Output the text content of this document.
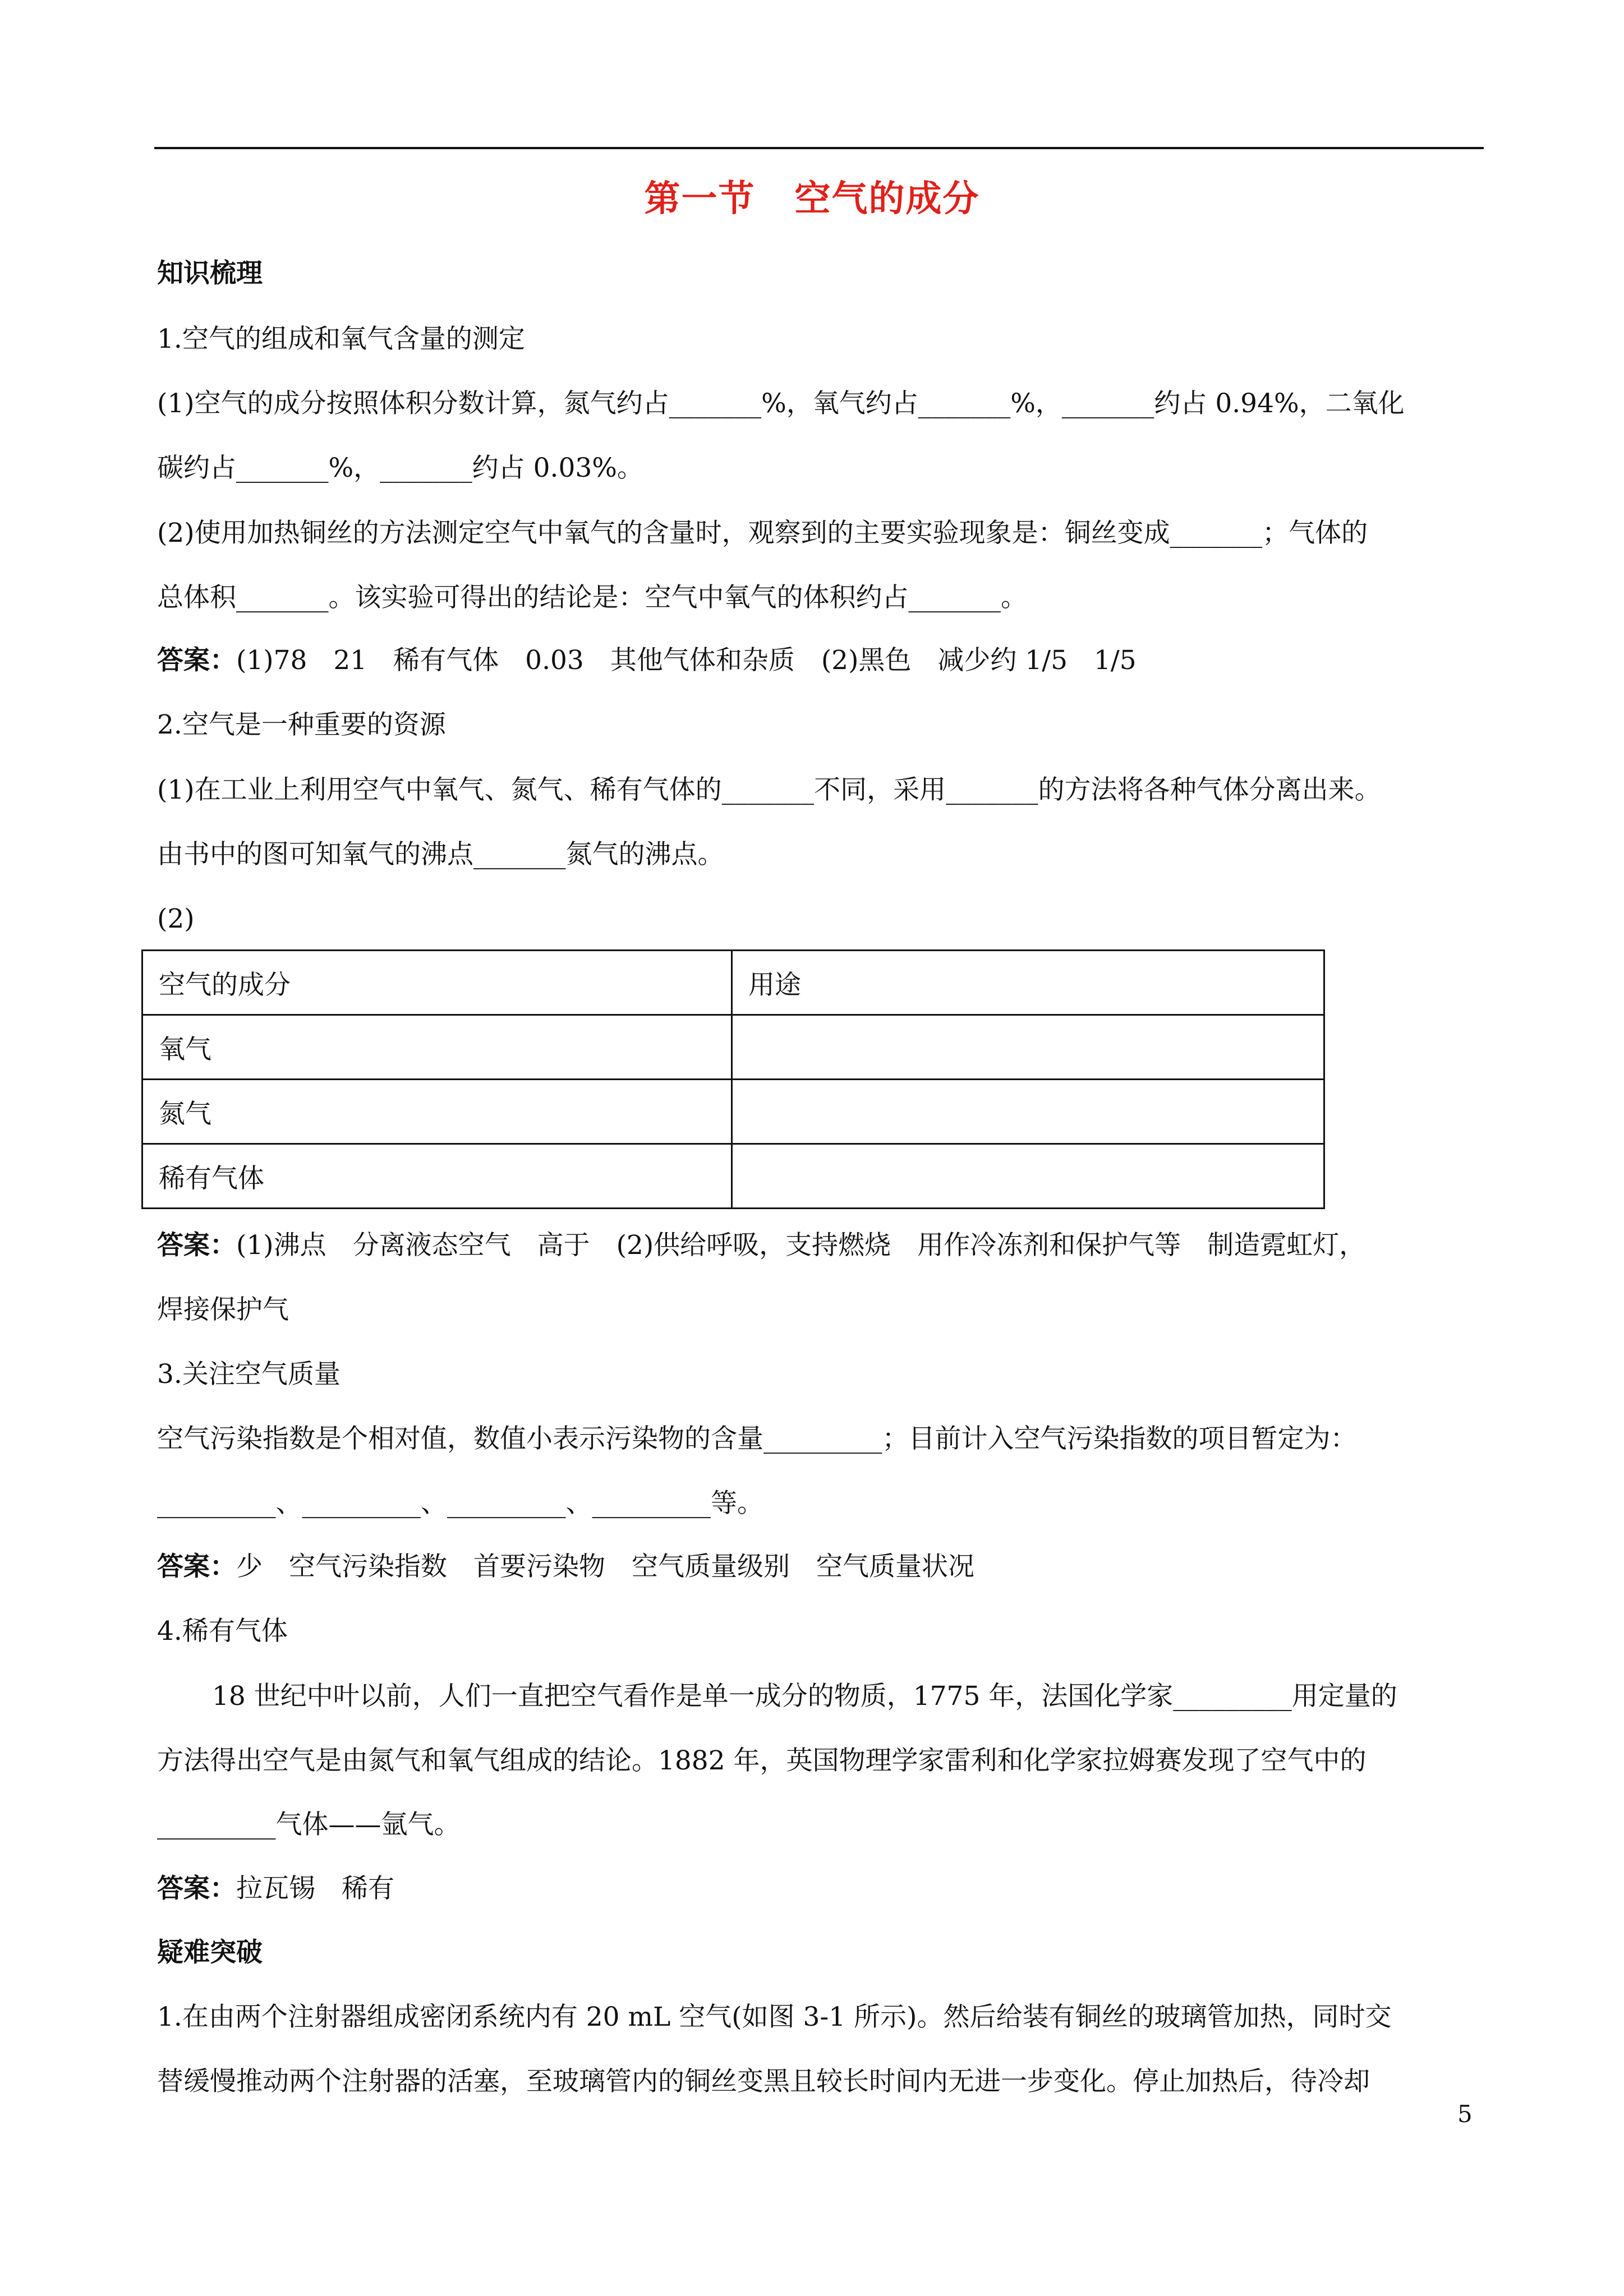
第一节 空气的成分
知识梳理
1.空气的组成和氧气含量的测定
(1)空气的成分按照体积分数计算，氮气约占_______%，氧气约占_______%，_______约占 0.94%，二氧化
碳约占_______%，_______约占 0.03%。
(2)使用加热铜丝的方法测定空气中氧气的含量时，观察到的主要实验现象是：铜丝变成_______；气体的
总体积_______。该实验可得出的结论是：空气中氧气的体积约占_______。
答案：(1)78　21　稀有气体　0.03　其他气体和杂质　(2)黑色　减少约 1/5　1/5
2.空气是一种重要的资源
(1)在工业上利用空气中氧气、氮气、稀有气体的_______不同，采用_______的方法将各种气体分离出来。
由书中的图可知氧气的沸点_______氮气的沸点。
(2)
空气的成分	用途
氧气	
氮气	
稀有气体	
答案：(1)沸点　分离液态空气　高于　(2)供给呼吸，支持燃烧　用作冷冻剂和保护气等　制造霓虹灯，
焊接保护气
3.关注空气质量
空气污染指数是个相对值，数值小表示污染物的含量_________；目前计入空气污染指数的项目暂定为：
_________、_________、_________、_________等。
答案：少　空气污染指数　首要污染物　空气质量级别　空气质量状况
4.稀有气体
18 世纪中叶以前，人们一直把空气看作是单一成分的物质，1775 年，法国化学家_________用定量的
方法得出空气是由氮气和氧气组成的结论。1882 年，英国物理学家雷利和化学家拉姆赛发现了空气中的
_________气体——氩气。
答案：拉瓦锡　稀有
疑难突破
1.在由两个注射器组成密闭系统内有 20 mL 空气(如图 3-1 所示)。然后给装有铜丝的玻璃管加热，同时交
替缓慢推动两个注射器的活塞，至玻璃管内的铜丝变黑且较长时间内无进一步变化。停止加热后，待冷却
5
